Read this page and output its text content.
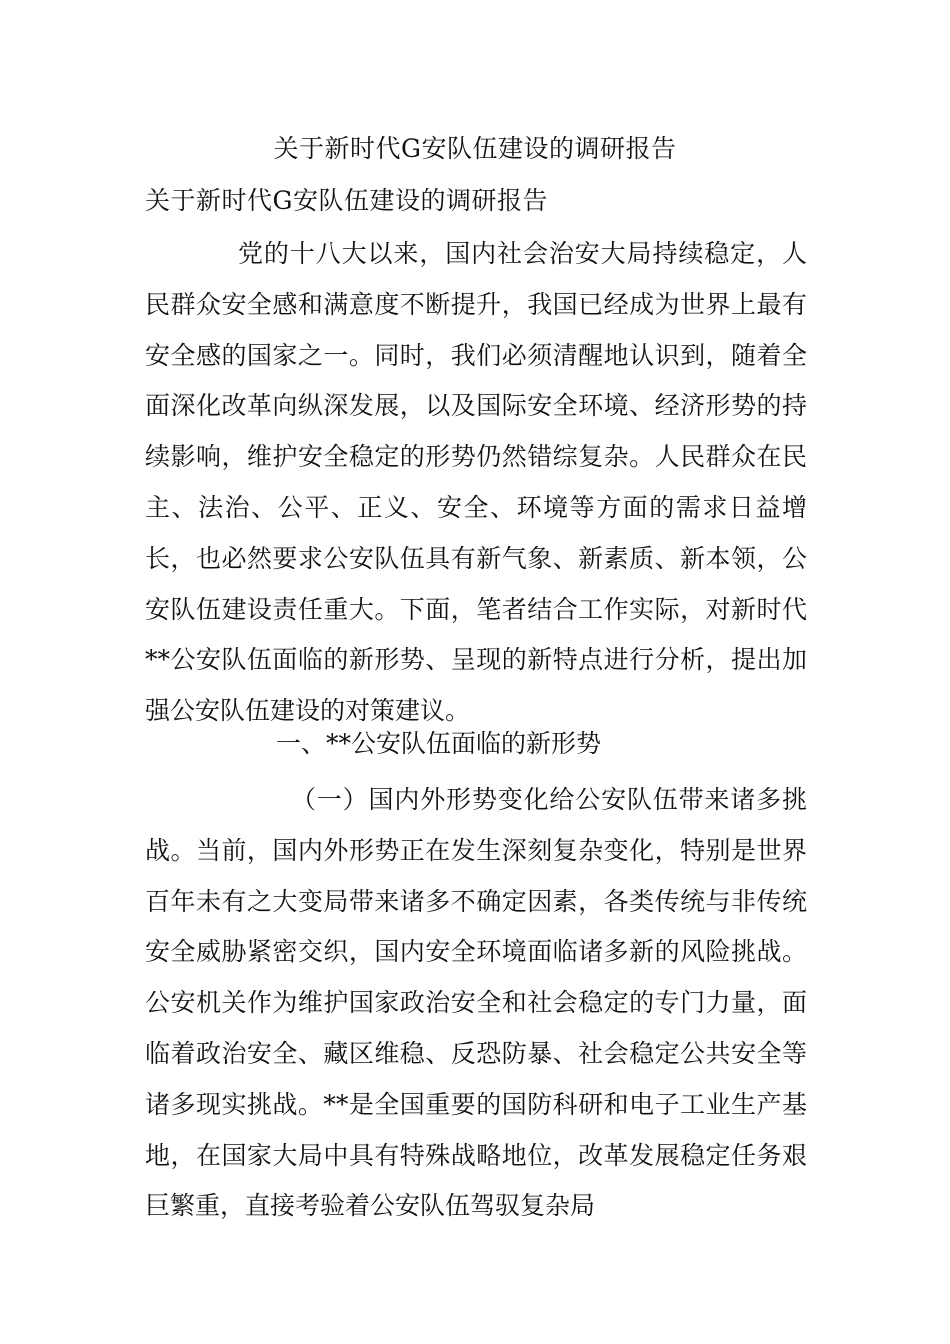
关于新时代G安队伍建设的调研报告
关于新时代G安队伍建设的调研报告

党的十八大以来，国内社会治安大局持续稳定，人民群众安全感和满意度不断提升，我国已经成为世界上最有安全感的国家之一。同时，我们必须清醒地认识到，随着全面深化改革向纵深发展，以及国际安全环境、经济形势的持续影响，维护安全稳定的形势仍然错综复杂。人民群众在民主、法治、公平、正义、安全、环境等方面的需求日益增长，也必然要求公安队伍具有新气象、新素质、新本领，公安队伍建设责任重大。下面，笔者结合工作实际，对新时代**公安队伍面临的新形势、呈现的新特点进行分析，提出加强公安队伍建设的对策建议。

一、**公安队伍面临的新形势

（一）国内外形势变化给公安队伍带来诸多挑战。当前，国内外形势正在发生深刻复杂变化，特别是世界百年未有之大变局带来诸多不确定因素，各类传统与非传统安全威胁紧密交织，国内安全环境面临诸多新的风险挑战。公安机关作为维护国家政治安全和社会稳定的专门力量，面临着政治安全、藏区维稳、反恐防暴、社会稳定公共安全等诸多现实挑战。**是全国重要的国防科研和电子工业生产基地，在国家大局中具有特殊战略地位，改革发展稳定任务艰巨繁重，直接考验着公安队伍驾驭复杂局
